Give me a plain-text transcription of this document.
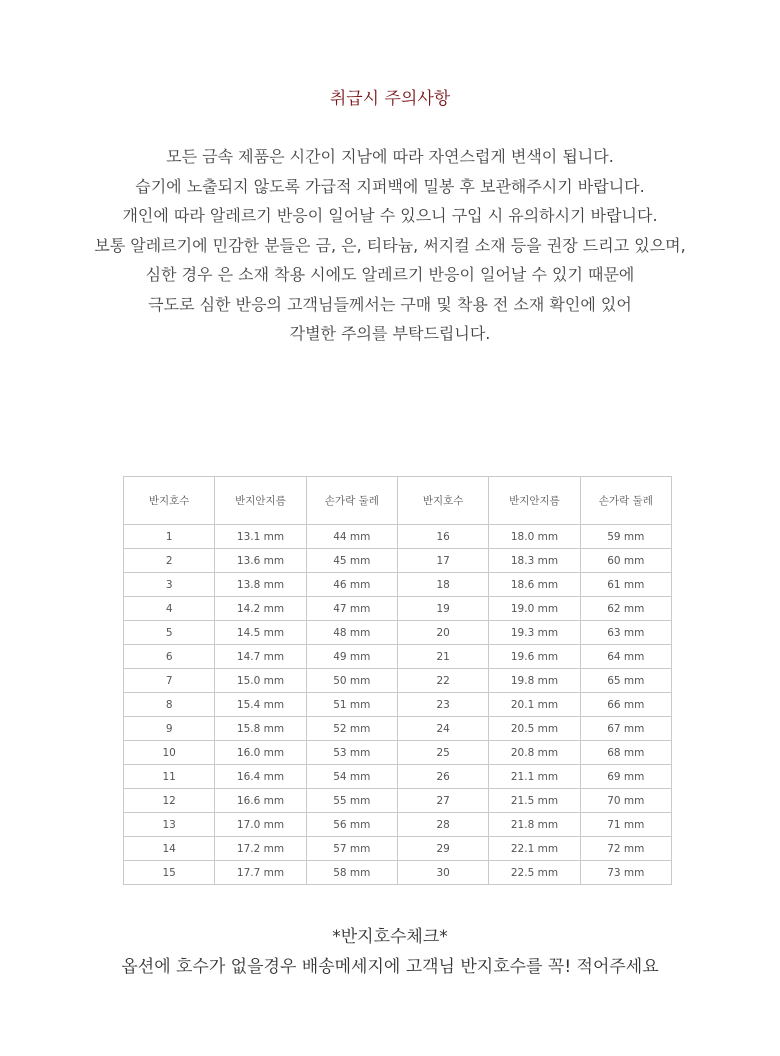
취급시 주의사항
모든 금속 제품은 시간이 지남에 따라 자연스럽게 변색이 됩니다.
습기에 노출되지 않도록 가급적 지퍼백에 밀봉 후 보관해주시기 바랍니다.
개인에 따라 알레르기 반응이 일어날 수 있으니 구입 시 유의하시기 바랍니다.
보통 알레르기에 민감한 분들은 금, 은, 티타늄, 써지컬 소재 등을 권장 드리고 있으며,
심한 경우 은 소재 착용 시에도 알레르기 반응이 일어날 수 있기 때문에
극도로 심한 반응의 고객님들께서는 구매 및 착용 전 소재 확인에 있어
각별한 주의를 부탁드립니다.
반지호수	반지안지름	손가락 둘레	반지호수	반지안지름	손가락 둘레
1	13.1 mm	44 mm	16	18.0 mm	59 mm
2	13.6 mm	45 mm	17	18.3 mm	60 mm
3	13.8 mm	46 mm	18	18.6 mm	61 mm
4	14.2 mm	47 mm	19	19.0 mm	62 mm
5	14.5 mm	48 mm	20	19.3 mm	63 mm
6	14.7 mm	49 mm	21	19.6 mm	64 mm
7	15.0 mm	50 mm	22	19.8 mm	65 mm
8	15.4 mm	51 mm	23	20.1 mm	66 mm
9	15.8 mm	52 mm	24	20.5 mm	67 mm
10	16.0 mm	53 mm	25	20.8 mm	68 mm
11	16.4 mm	54 mm	26	21.1 mm	69 mm
12	16.6 mm	55 mm	27	21.5 mm	70 mm
13	17.0 mm	56 mm	28	21.8 mm	71 mm
14	17.2 mm	57 mm	29	22.1 mm	72 mm
15	17.7 mm	58 mm	30	22.5 mm	73 mm
*반지호수체크*
옵션에 호수가 없을경우 배송메세지에 고객님 반지호수를 꼭! 적어주세요
